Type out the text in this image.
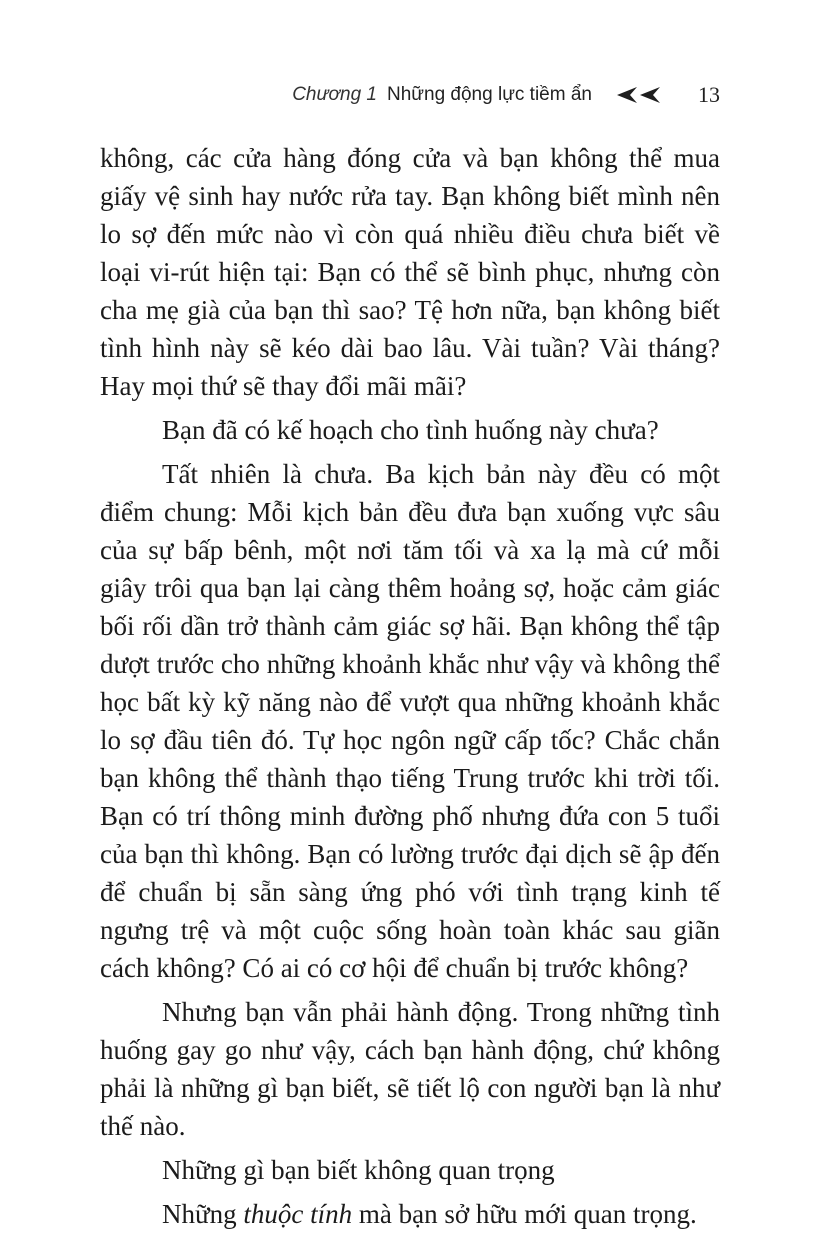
Chương 1 Những động lực tiềm ẩn	13

không, các cửa hàng đóng cửa và bạn không thể mua giấy vệ sinh hay nước rửa tay. Bạn không biết mình nên lo sợ đến mức nào vì còn quá nhiều điều chưa biết về loại vi-rút hiện tại: Bạn có thể sẽ bình phục, nhưng còn cha mẹ già của bạn thì sao? Tệ hơn nữa, bạn không biết tình hình này sẽ kéo dài bao lâu. Vài tuần? Vài tháng? Hay mọi thứ sẽ thay đổi mãi mãi?

Bạn đã có kế hoạch cho tình huống này chưa?

Tất nhiên là chưa. Ba kịch bản này đều có một điểm chung: Mỗi kịch bản đều đưa bạn xuống vực sâu của sự bấp bênh, một nơi tăm tối và xa lạ mà cứ mỗi giây trôi qua bạn lại càng thêm hoảng sợ, hoặc cảm giác bối rối dần trở thành cảm giác sợ hãi. Bạn không thể tập dượt trước cho những khoảnh khắc như vậy và không thể học bất kỳ kỹ năng nào để vượt qua những khoảnh khắc lo sợ đầu tiên đó. Tự học ngôn ngữ cấp tốc? Chắc chắn bạn không thể thành thạo tiếng Trung trước khi trời tối. Bạn có trí thông minh đường phố nhưng đứa con 5 tuổi của bạn thì không. Bạn có lường trước đại dịch sẽ ập đến để chuẩn bị sẵn sàng ứng phó với tình trạng kinh tế ngưng trệ và một cuộc sống hoàn toàn khác sau giãn cách không? Có ai có cơ hội để chuẩn bị trước không?

Nhưng bạn vẫn phải hành động. Trong những tình huống gay go như vậy, cách bạn hành động, chứ không phải là những gì bạn biết, sẽ tiết lộ con người bạn là như thế nào.

Những gì bạn biết không quan trọng

Những thuộc tính mà bạn sở hữu mới quan trọng.
